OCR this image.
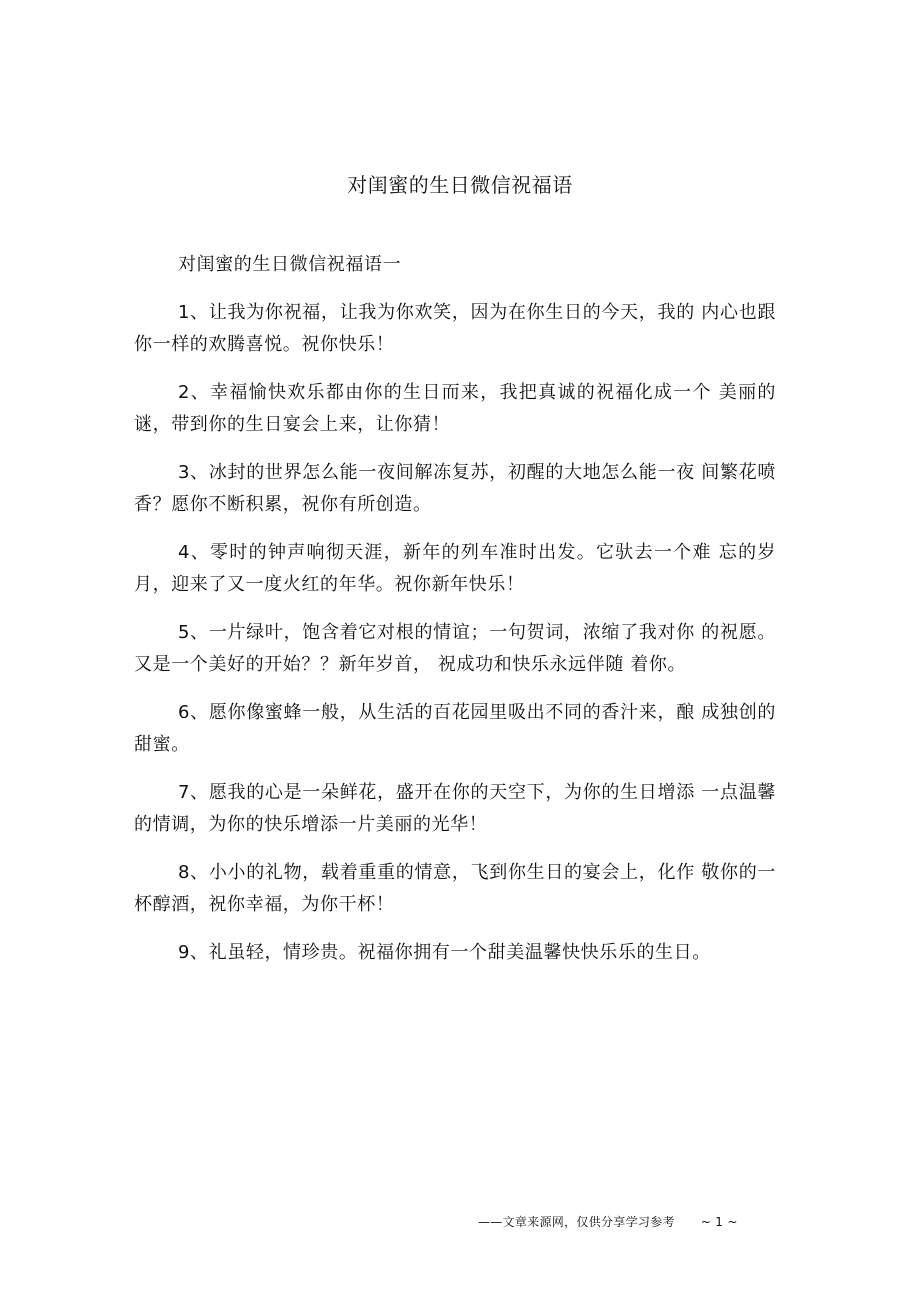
对闺蜜的生日微信祝福语

对闺蜜的生日微信祝福语一

1、让我为你祝福，让我为你欢笑，因为在你生日的今天，我的 内心也跟你一样的欢腾喜悦。祝你快乐！

2、幸福愉快欢乐都由你的生日而来，我把真诚的祝福化成一个 美丽的谜，带到你的生日宴会上来，让你猜！

3、冰封的世界怎么能一夜间解冻复苏，初醒的大地怎么能一夜 间繁花喷香？愿你不断积累，祝你有所创造。

4、零时的钟声响彻天涯，新年的列车准时出发。它驮去一个难 忘的岁月，迎来了又一度火红的年华。祝你新年快乐！

5、一片绿叶，饱含着它对根的情谊；一句贺词，浓缩了我对你 的祝愿。又是一个美好的开始？？新年岁首， 祝成功和快乐永远伴随 着你。

6、愿你像蜜蜂一般，从生活的百花园里吸出不同的香汁来，酿 成独创的甜蜜。

7、愿我的心是一朵鲜花，盛开在你的天空下，为你的生日增添 一点温馨的情调，为你的快乐增添一片美丽的光华！

8、小小的礼物，载着重重的情意，飞到你生日的宴会上，化作 敬你的一杯醇酒，祝你幸福，为你干杯！

9、礼虽轻，情珍贵。祝福你拥有一个甜美温馨快快乐乐的生日。

——文章来源网，仅供分享学习参考 ~ 1 ~
